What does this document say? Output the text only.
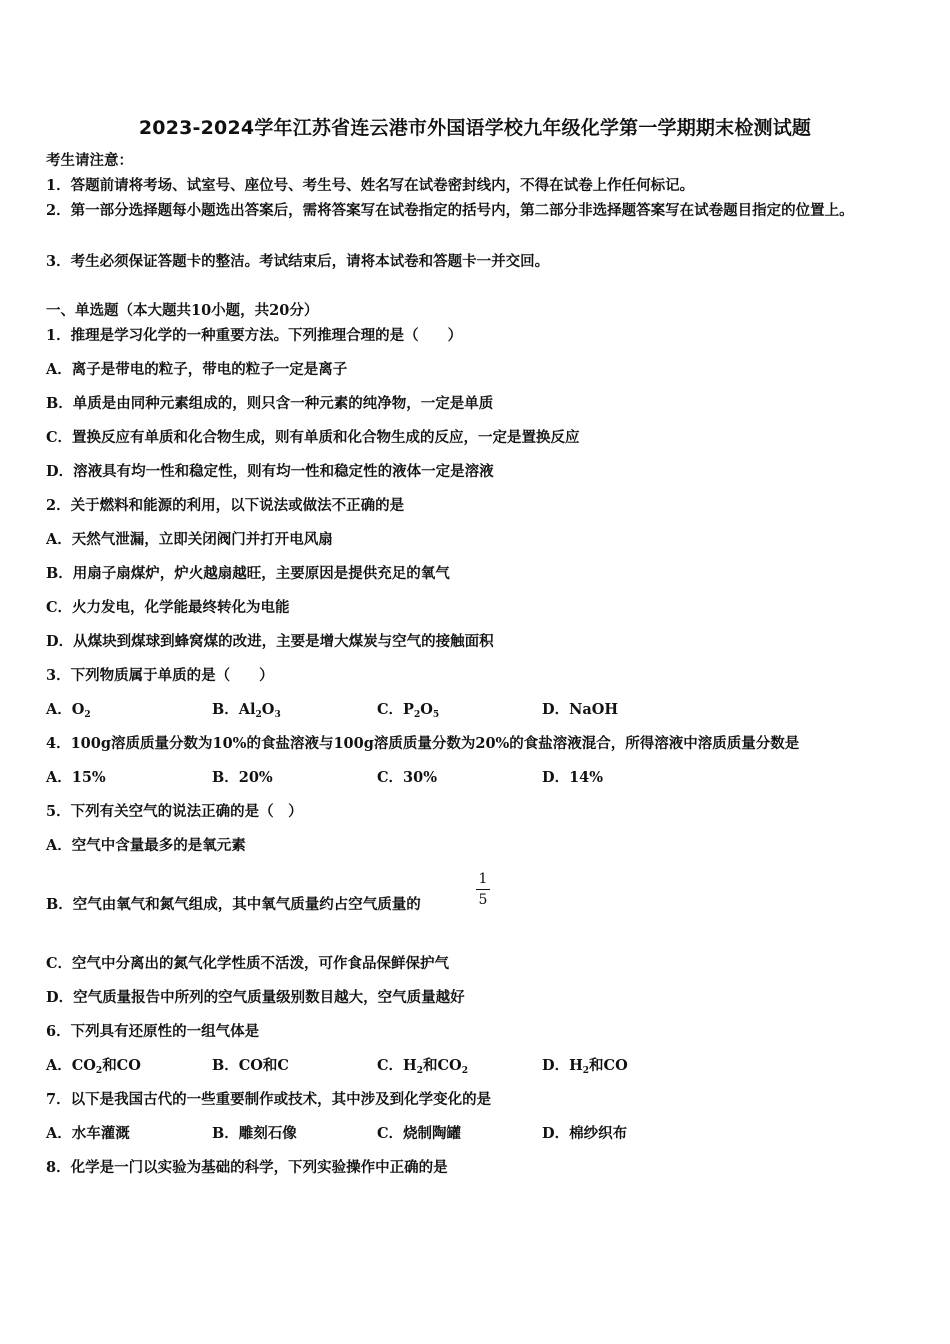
2023-2024学年江苏省连云港市外国语学校九年级化学第一学期期末检测试题
考生请注意：
1．答题前请将考场、试室号、座位号、考生号、姓名写在试卷密封线内，不得在试卷上作任何标记。
2．第一部分选择题每小题选出答案后，需将答案写在试卷指定的括号内，第二部分非选择题答案写在试卷题目指定的位置上。
3．考生必须保证答题卡的整洁。考试结束后，请将本试卷和答题卡一并交回。
一、单选题（本大题共10小题，共20分）
1．推理是学习化学的一种重要方法。下列推理合理的是（　　）
A．离子是带电的粒子，带电的粒子一定是离子
B．单质是由同种元素组成的，则只含一种元素的纯净物，一定是单质
C．置换反应有单质和化合物生成，则有单质和化合物生成的反应，一定是置换反应
D．溶液具有均一性和稳定性，则有均一性和稳定性的液体一定是溶液
2．关于燃料和能源的利用，以下说法或做法不正确的是
A．天然气泄漏，立即关闭阀门并打开电风扇
B．用扇子扇煤炉，炉火越扇越旺，主要原因是提供充足的氧气
C．火力发电，化学能最终转化为电能
D．从煤块到煤球到蜂窝煤的改进，主要是增大煤炭与空气的接触面积
3．下列物质属于单质的是（　　）
A．$O_2$	B．$Al_2O_3$	C．$P_2O_5$	D．NaOH
4．100g溶质质量分数为10%的食盐溶液与100g溶质质量分数为20%的食盐溶液混合，所得溶液中溶质质量分数是
A．15%	B．20%	C．30%	D．14%
5．下列有关空气的说法正确的是（　）
A．空气中含量最多的是氧元素
B．空气由氧气和氮气组成，其中氧气质量约占空气质量的
1
5
C．空气中分离出的氮气化学性质不活泼，可作食品保鲜保护气
D．空气质量报告中所列的空气质量级别数目越大，空气质量越好
6．下列具有还原性的一组气体是
A．$CO_2$和CO	B．CO和C	C．$H_2$和$CO_2$	D．$H_2$和CO
7．以下是我国古代的一些重要制作或技术，其中涉及到化学变化的是
A．水车灌溉	B．雕刻石像	C．烧制陶罐	D．棉纱织布
8．化学是一门以实验为基础的科学，下列实验操作中正确的是
